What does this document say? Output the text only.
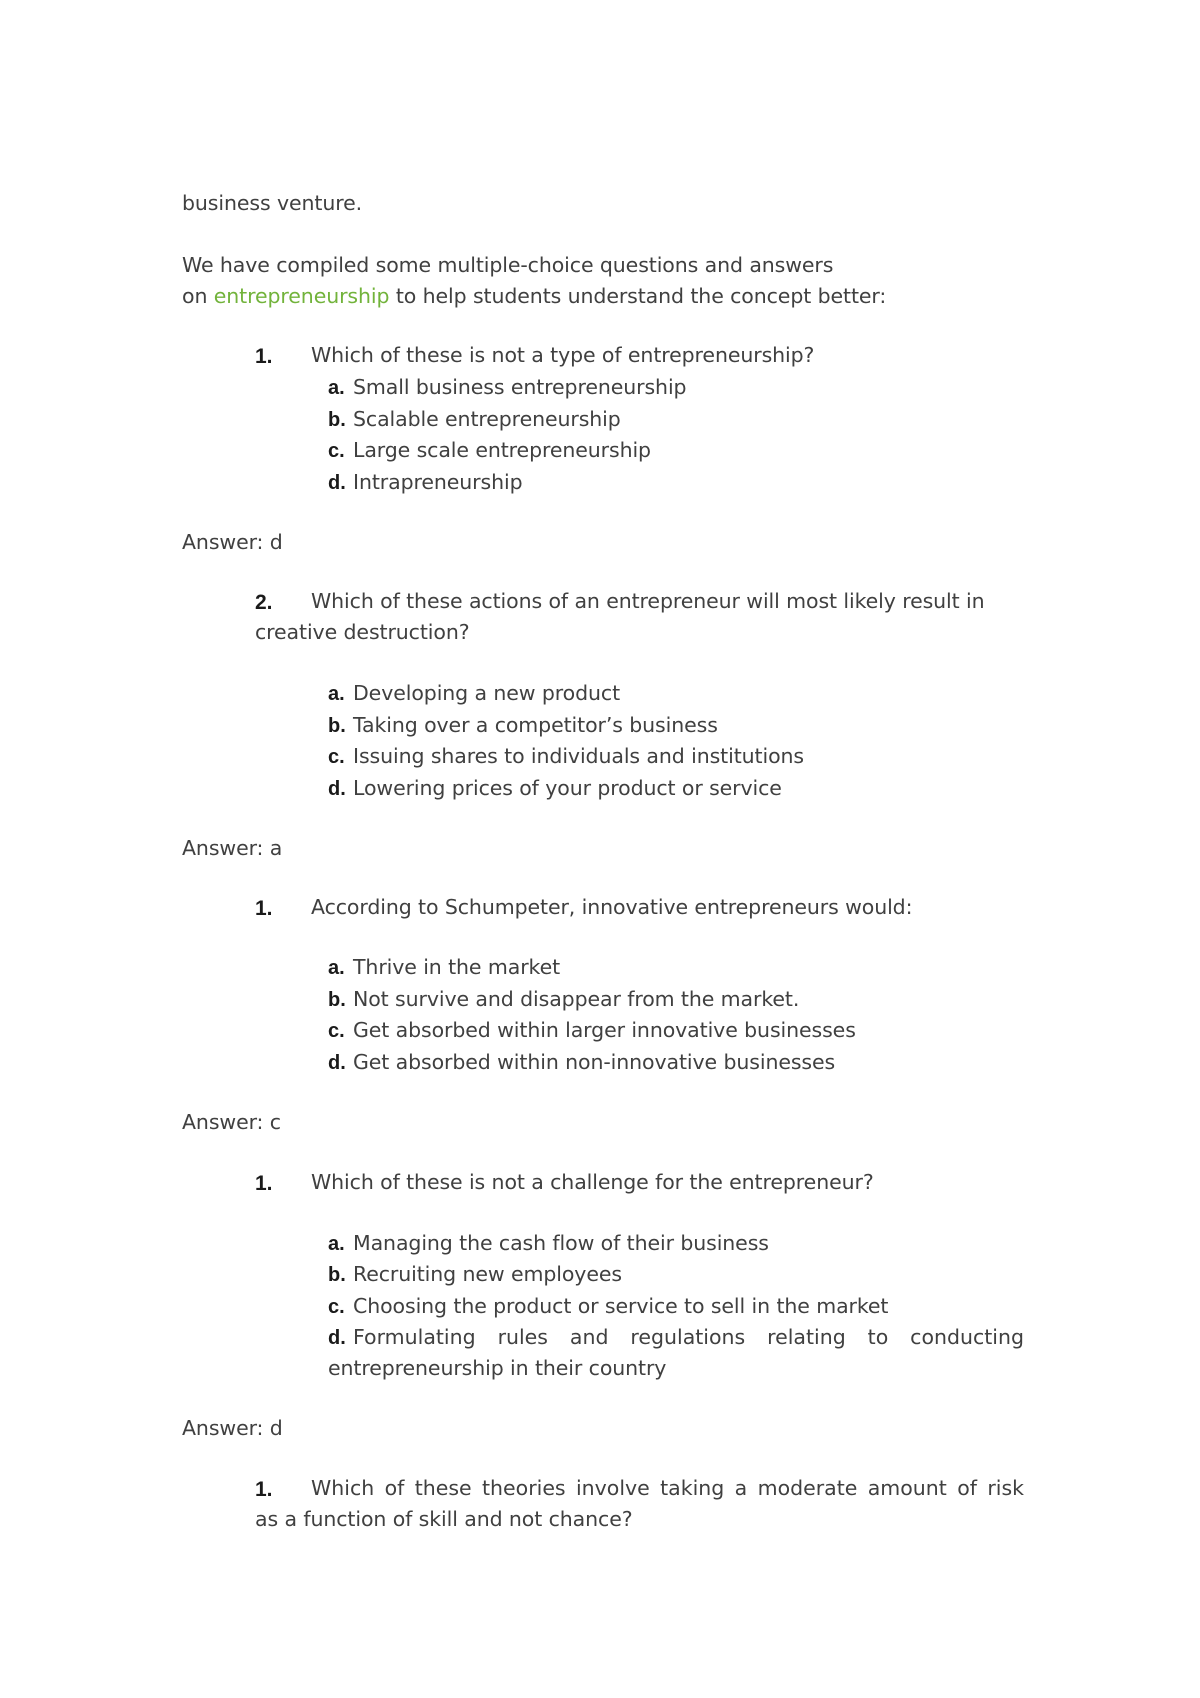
business venture.
We have compiled some multiple-choice questions and answers
on entrepreneurship to help students understand the concept better:
1. Which of these is not a type of entrepreneurship?
a. Small business entrepreneurship
b. Scalable entrepreneurship
c. Large scale entrepreneurship
d. Intrapreneurship
Answer: d
2. Which of these actions of an entrepreneur will most likely result in
creative destruction?
a. Developing a new product
b. Taking over a competitor’s business
c. Issuing shares to individuals and institutions
d. Lowering prices of your product or service
Answer: a
1. According to Schumpeter, innovative entrepreneurs would:
a. Thrive in the market
b. Not survive and disappear from the market.
c. Get absorbed within larger innovative businesses
d. Get absorbed within non-innovative businesses
Answer: c
1. Which of these is not a challenge for the entrepreneur?
a. Managing the cash flow of their business
b. Recruiting new employees
c. Choosing the product or service to sell in the market
d. Formulating rules and regulations relating to conducting
entrepreneurship in their country
Answer: d
1. Which of these theories involve taking a moderate amount of risk
as a function of skill and not chance?
